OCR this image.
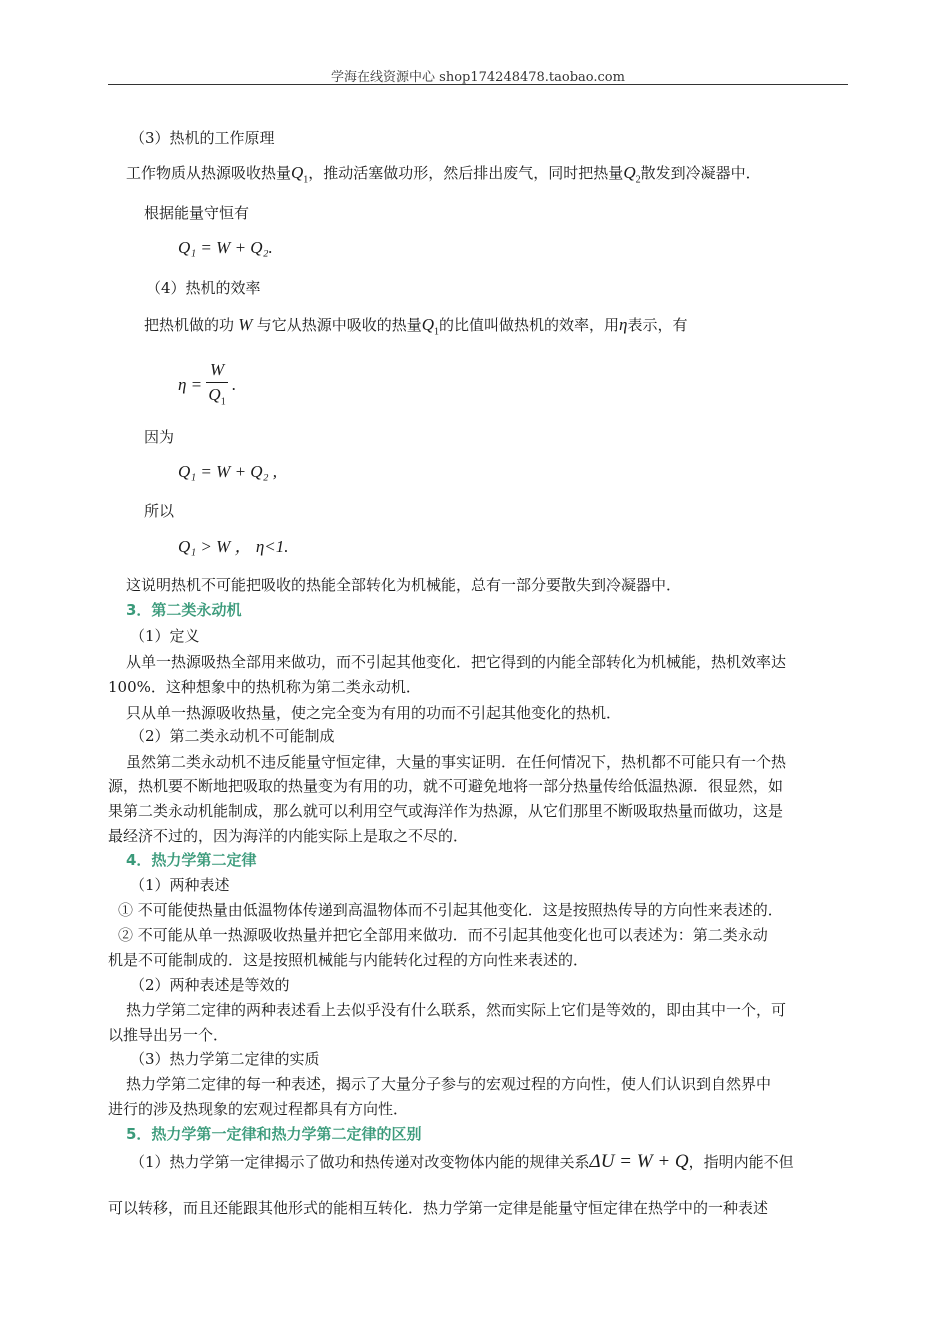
学海在线资源中心 shop174248478.taobao.com
（3）热机的工作原理
工作物质从热源吸收热量$Q_1$，推动活塞做功形，然后排出废气，同时把热量$Q_2$散发到冷凝器中．
根据能量守恒有
Q₁ = W + Q₂.
（4）热机的效率
把热机做的功 W 与它从热源中吸收的热量$Q_1$的比值叫做热机的效率，用η表示，有
$\eta = \frac{W}{Q_1}$ .
因为
Q₁ = W + Q₂ ,
所以
Q₁ > W ， η<1.
这说明热机不可能把吸收的热能全部转化为机械能，总有一部分要散失到冷凝器中．
3．第二类永动机
（1）定义
从单一热源吸热全部用来做功，而不引起其他变化．把它得到的内能全部转化为机械能，热机效率达
100%．这种想象中的热机称为第二类永动机．
只从单一热源吸收热量，使之完全变为有用的功而不引起其他变化的热机．
（2）第二类永动机不可能制成
虽然第二类永动机不违反能量守恒定律，大量的事实证明．在任何情况下，热机都不可能只有一个热
源，热机要不断地把吸取的热量变为有用的功，就不可避免地将一部分热量传给低温热源．很显然，如
果第二类永动机能制成，那么就可以利用空气或海洋作为热源，从它们那里不断吸取热量而做功，这是
最经济不过的，因为海洋的内能实际上是取之不尽的．
4．热力学第二定律
（1）两种表述
① 不可能使热量由低温物体传递到高温物体而不引起其他变化．这是按照热传导的方向性来表述的．
② 不可能从单一热源吸收热量并把它全部用来做功．而不引起其他变化也可以表述为：第二类永动
机是不可能制成的．这是按照机械能与内能转化过程的方向性来表述的．
（2）两种表述是等效的
热力学第二定律的两种表述看上去似乎没有什么联系，然而实际上它们是等效的，即由其中一个，可
以推导出另一个．
（3）热力学第二定律的实质
热力学第二定律的每一种表述，揭示了大量分子参与的宏观过程的方向性，使人们认识到自然界中
进行的涉及热现象的宏观过程都具有方向性．
5．热力学第一定律和热力学第二定律的区别
（1）热力学第一定律揭示了做功和热传递对改变物体内能的规律关系ΔU = W + Q，指明内能不但
可以转移，而且还能跟其他形式的能相互转化．热力学第一定律是能量守恒定律在热学中的一种表述
